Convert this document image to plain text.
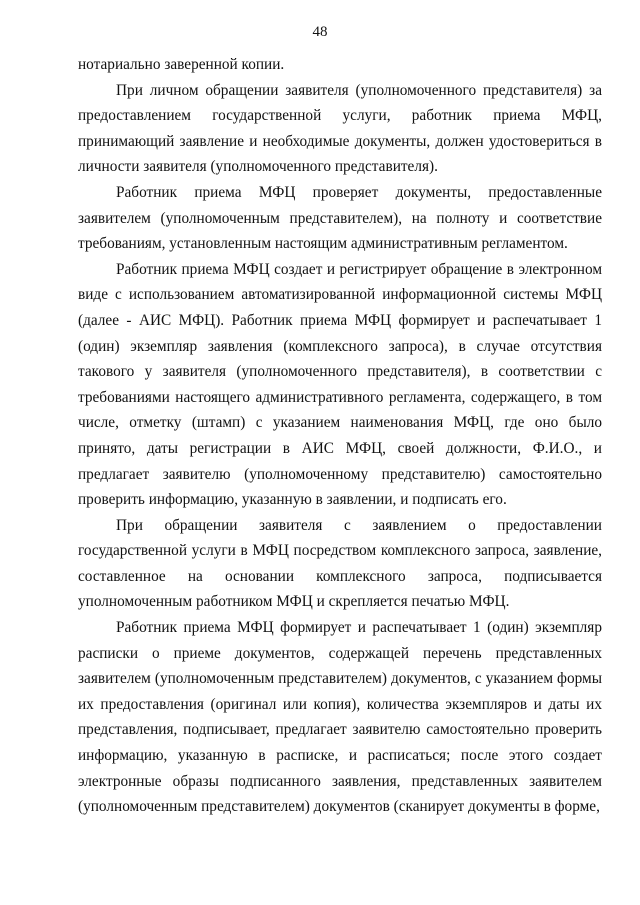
48

нотариально заверенной копии.

При личном обращении заявителя (уполномоченного представителя) за предоставлением государственной услуги, работник приема МФЦ, принимающий заявление и необходимые документы, должен удостовериться в личности заявителя (уполномоченного представителя).

Работник приема МФЦ проверяет документы, предоставленные заявителем (уполномоченным представителем), на полноту и соответствие требованиям, установленным настоящим административным регламентом.

Работник приема МФЦ создает и регистрирует обращение в электронном виде с использованием автоматизированной информационной системы МФЦ (далее - АИС МФЦ). Работник приема МФЦ формирует и распечатывает 1 (один) экземпляр заявления (комплексного запроса), в случае отсутствия такового у заявителя (уполномоченного представителя), в соответствии с требованиями настоящего административного регламента, содержащего, в том числе, отметку (штамп) с указанием наименования МФЦ, где оно было принято, даты регистрации в АИС МФЦ, своей должности, Ф.И.О., и предлагает заявителю (уполномоченному представителю) самостоятельно проверить информацию, указанную в заявлении, и подписать его.

При обращении заявителя с заявлением о предоставлении государственной услуги в МФЦ посредством комплексного запроса, заявление, составленное на основании комплексного запроса, подписывается уполномоченным работником МФЦ и скрепляется печатью МФЦ.

Работник приема МФЦ формирует и распечатывает 1 (один) экземпляр расписки о приеме документов, содержащей перечень представленных заявителем (уполномоченным представителем) документов, с указанием формы их предоставления (оригинал или копия), количества экземпляров и даты их представления, подписывает, предлагает заявителю самостоятельно проверить информацию, указанную в расписке, и расписаться; после этого создает электронные образы подписанного заявления, представленных заявителем (уполномоченным представителем) документов (сканирует документы в форме,
